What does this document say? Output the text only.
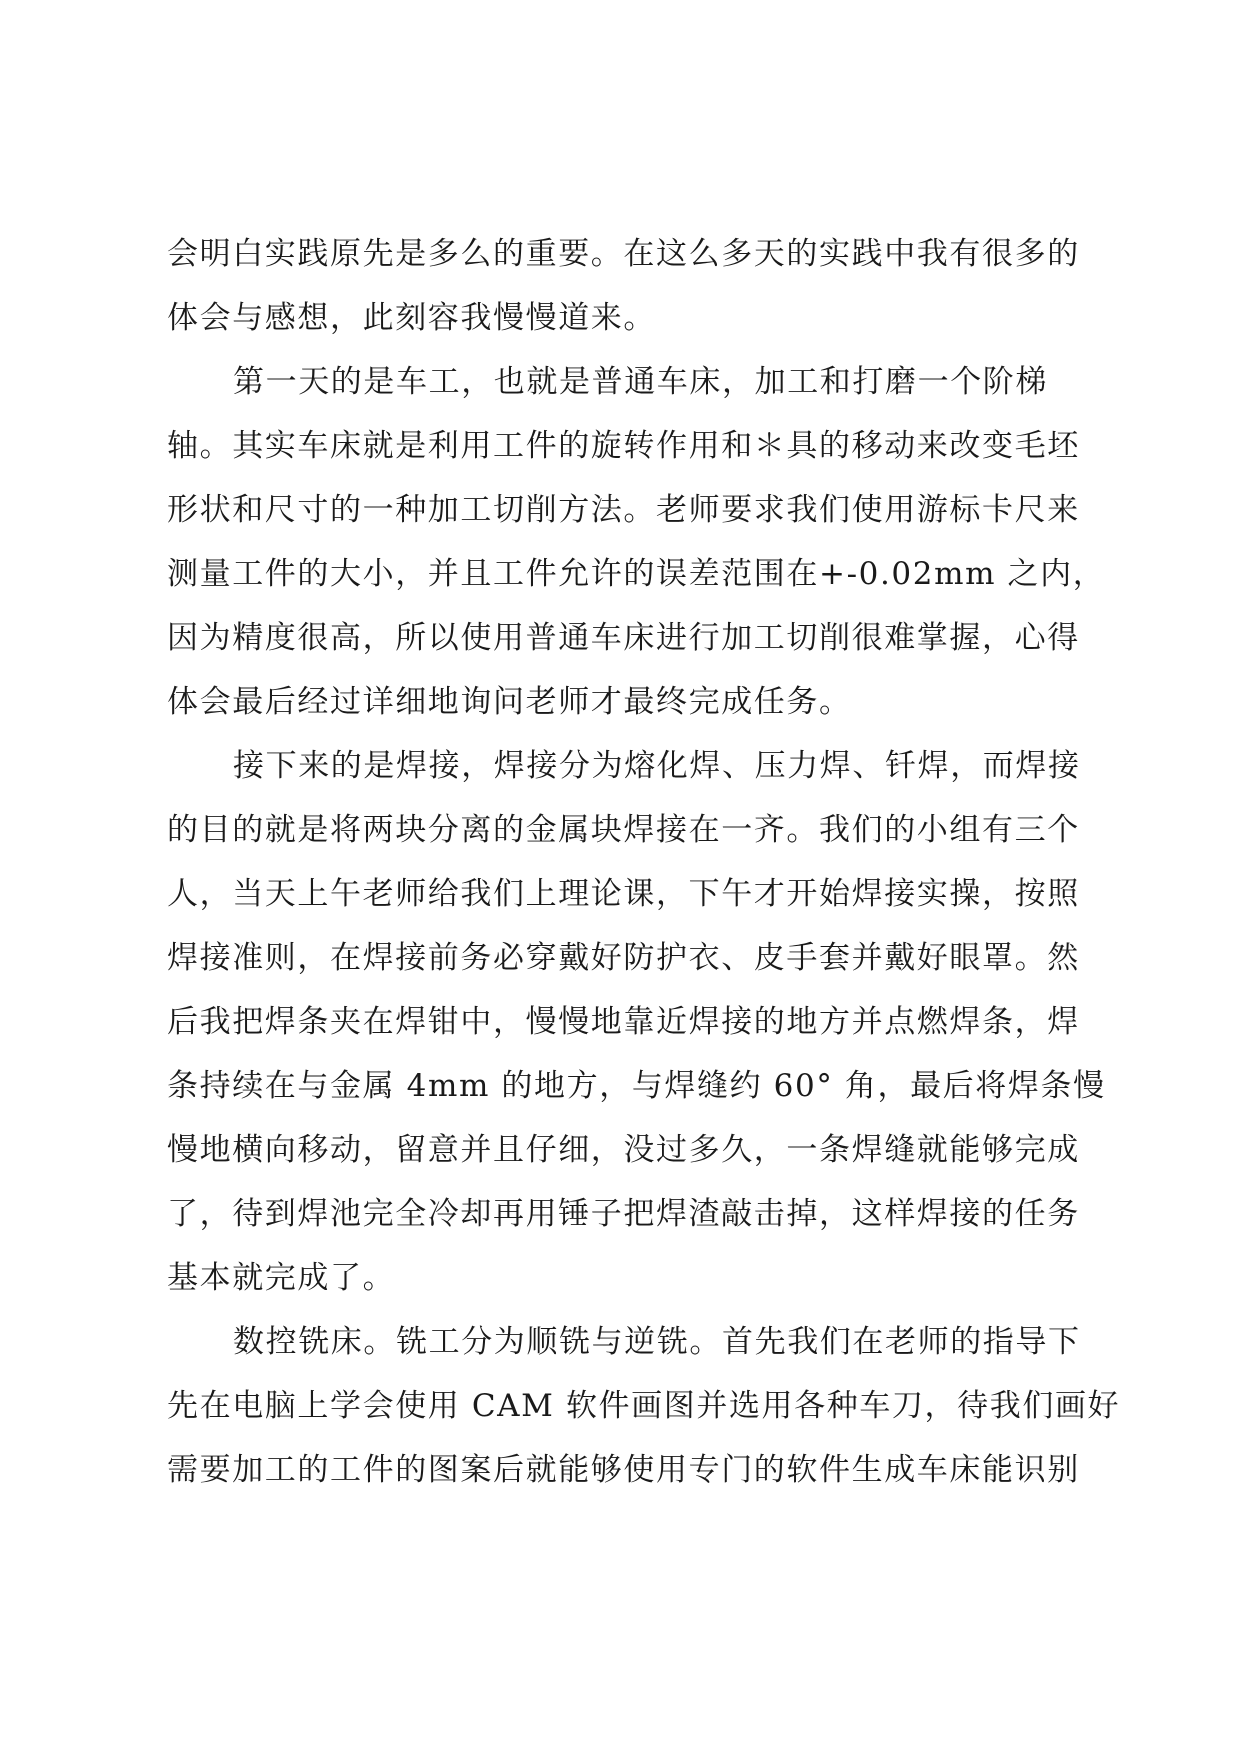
会明白实践原先是多么的重要。在这么多天的实践中我有很多的
体会与感想，此刻容我慢慢道来。
第一天的是车工，也就是普通车床，加工和打磨一个阶梯
轴。其实车床就是利用工件的旋转作用和＊具的移动来改变毛坯
形状和尺寸的一种加工切削方法。老师要求我们使用游标卡尺来
测量工件的大小，并且工件允许的误差范围在+-0.02mm 之内，
因为精度很高，所以使用普通车床进行加工切削很难掌握，心得
体会最后经过详细地询问老师才最终完成任务。
接下来的是焊接，焊接分为熔化焊、压力焊、钎焊，而焊接
的目的就是将两块分离的金属块焊接在一齐。我们的小组有三个
人，当天上午老师给我们上理论课，下午才开始焊接实操，按照
焊接准则，在焊接前务必穿戴好防护衣、皮手套并戴好眼罩。然
后我把焊条夹在焊钳中，慢慢地靠近焊接的地方并点燃焊条，焊
条持续在与金属 4mm 的地方，与焊缝约 60° 角，最后将焊条慢
慢地横向移动，留意并且仔细，没过多久，一条焊缝就能够完成
了，待到焊池完全冷却再用锤子把焊渣敲击掉，这样焊接的任务
基本就完成了。
数控铣床。铣工分为顺铣与逆铣。首先我们在老师的指导下
先在电脑上学会使用 CAM 软件画图并选用各种车刀，待我们画好
需要加工的工件的图案后就能够使用专门的软件生成车床能识别
